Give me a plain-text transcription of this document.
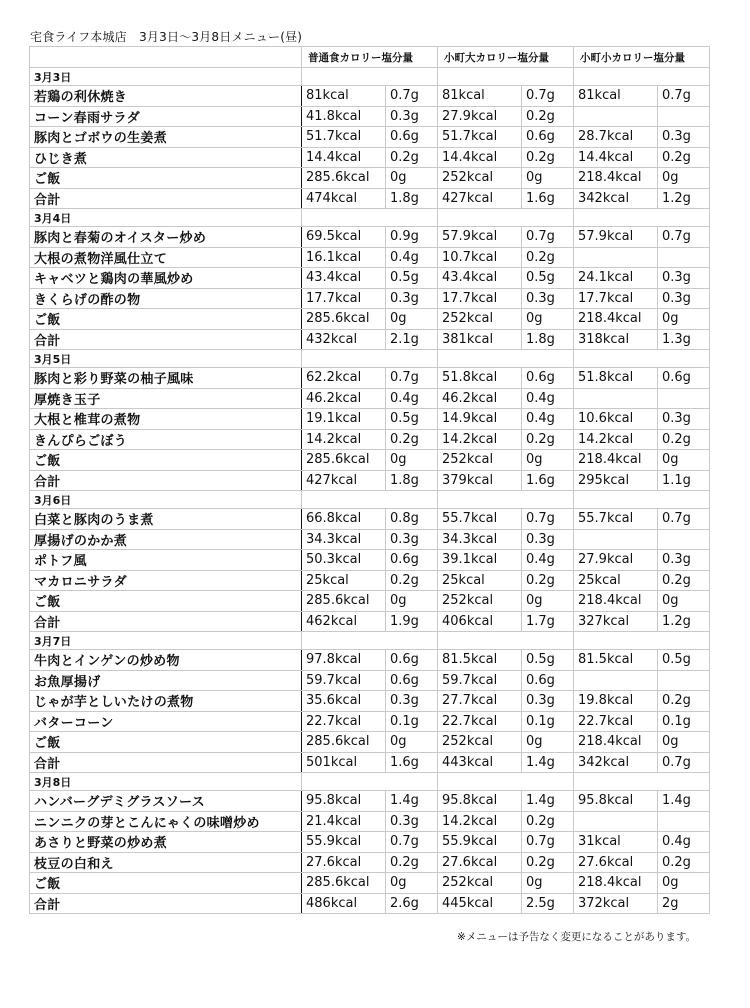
宅食ライフ本城店　3月3日〜3月8日メニュー(昼)
	普通食カロリー塩分量		小町大カロリー塩分量		小町小カロリー塩分量	
3月3日						
若鶏の利休焼き	81kcal	0.7g	81kcal	0.7g	81kcal	0.7g
コーン春雨サラダ	41.8kcal	0.3g	27.9kcal	0.2g		
豚肉とゴボウの生姜煮	51.7kcal	0.6g	51.7kcal	0.6g	28.7kcal	0.3g
ひじき煮	14.4kcal	0.2g	14.4kcal	0.2g	14.4kcal	0.2g
ご飯	285.6kcal	0g	252kcal	0g	218.4kcal	0g
合計	474kcal	1.8g	427kcal	1.6g	342kcal	1.2g
3月4日						
豚肉と春菊のオイスター炒め	69.5kcal	0.9g	57.9kcal	0.7g	57.9kcal	0.7g
大根の煮物洋風仕立て	16.1kcal	0.4g	10.7kcal	0.2g		
キャベツと鶏肉の華風炒め	43.4kcal	0.5g	43.4kcal	0.5g	24.1kcal	0.3g
きくらげの酢の物	17.7kcal	0.3g	17.7kcal	0.3g	17.7kcal	0.3g
ご飯	285.6kcal	0g	252kcal	0g	218.4kcal	0g
合計	432kcal	2.1g	381kcal	1.8g	318kcal	1.3g
3月5日						
豚肉と彩り野菜の柚子風味	62.2kcal	0.7g	51.8kcal	0.6g	51.8kcal	0.6g
厚焼き玉子	46.2kcal	0.4g	46.2kcal	0.4g		
大根と椎茸の煮物	19.1kcal	0.5g	14.9kcal	0.4g	10.6kcal	0.3g
きんぴらごぼう	14.2kcal	0.2g	14.2kcal	0.2g	14.2kcal	0.2g
ご飯	285.6kcal	0g	252kcal	0g	218.4kcal	0g
合計	427kcal	1.8g	379kcal	1.6g	295kcal	1.1g
3月6日						
白菜と豚肉のうま煮	66.8kcal	0.8g	55.7kcal	0.7g	55.7kcal	0.7g
厚揚げのかか煮	34.3kcal	0.3g	34.3kcal	0.3g		
ポトフ風	50.3kcal	0.6g	39.1kcal	0.4g	27.9kcal	0.3g
マカロニサラダ	25kcal	0.2g	25kcal	0.2g	25kcal	0.2g
ご飯	285.6kcal	0g	252kcal	0g	218.4kcal	0g
合計	462kcal	1.9g	406kcal	1.7g	327kcal	1.2g
3月7日						
牛肉とインゲンの炒め物	97.8kcal	0.6g	81.5kcal	0.5g	81.5kcal	0.5g
お魚厚揚げ	59.7kcal	0.6g	59.7kcal	0.6g		
じゃが芋としいたけの煮物	35.6kcal	0.3g	27.7kcal	0.3g	19.8kcal	0.2g
バターコーン	22.7kcal	0.1g	22.7kcal	0.1g	22.7kcal	0.1g
ご飯	285.6kcal	0g	252kcal	0g	218.4kcal	0g
合計	501kcal	1.6g	443kcal	1.4g	342kcal	0.7g
3月8日						
ハンバーグデミグラスソース	95.8kcal	1.4g	95.8kcal	1.4g	95.8kcal	1.4g
ニンニクの芽とこんにゃくの味噌炒め	21.4kcal	0.3g	14.2kcal	0.2g		
あさりと野菜の炒め煮	55.9kcal	0.7g	55.9kcal	0.7g	31kcal	0.4g
枝豆の白和え	27.6kcal	0.2g	27.6kcal	0.2g	27.6kcal	0.2g
ご飯	285.6kcal	0g	252kcal	0g	218.4kcal	0g
合計	486kcal	2.6g	445kcal	2.5g	372kcal	2g
※メニューは予告なく変更になることがあります。
